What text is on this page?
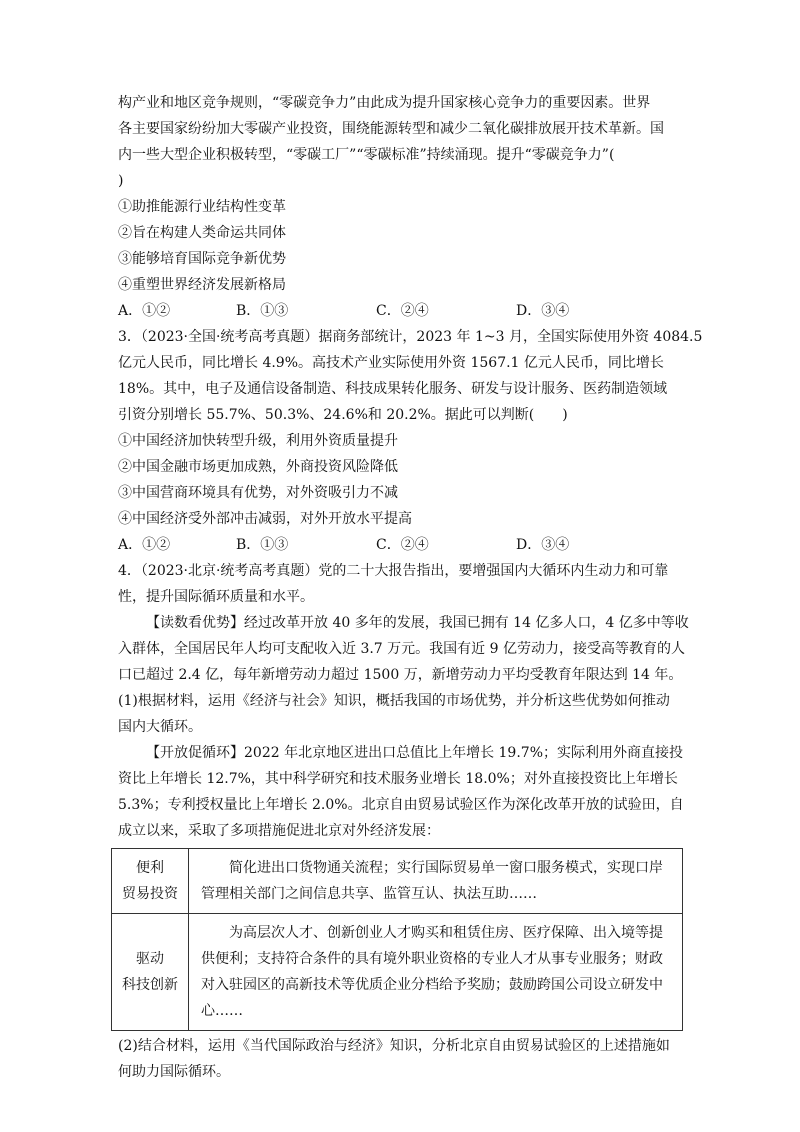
构产业和地区竞争规则，“零碳竞争力”由此成为提升国家核心竞争力的重要因素。世界
各主要国家纷纷加大零碳产业投资，围绕能源转型和减少二氧化碳排放展开技术革新。国
内一些大型企业积极转型，“零碳工厂”“零碳标准”持续涌现。提升“零碳竞争力”(
)
①助推能源行业结构性变革
②旨在构建人类命运共同体
③能够培育国际竞争新优势
④重塑世界经济发展新格局
A．①②	B．①③	C．②④	D．③④
3．（2023·全国·统考高考真题）据商务部统计，2023 年 1~3 月，全国实际使用外资 4084.5
亿元人民币，同比增长 4.9%。高技术产业实际使用外资 1567.1 亿元人民币，同比增长
18%。其中，电子及通信设备制造、科技成果转化服务、研发与设计服务、医药制造领域
引资分别增长 55.7%、50.3%、24.6%和 20.2%。据此可以判断(　　)
①中国经济加快转型升级，利用外资质量提升
②中国金融市场更加成熟，外商投资风险降低
③中国营商环境具有优势，对外资吸引力不减
④中国经济受外部冲击减弱，对外开放水平提高
A．①②	B．①③	C．②④	D．③④
4．（2023·北京·统考高考真题）党的二十大报告指出，要增强国内大循环内生动力和可靠
性，提升国际循环质量和水平。
【读数看优势】经过改革开放 40 多年的发展，我国已拥有 14 亿多人口，4 亿多中等收
入群体，全国居民年人均可支配收入近 3.7 万元。我国有近 9 亿劳动力，接受高等教育的人
口已超过 2.4 亿，每年新增劳动力超过 1500 万，新增劳动力平均受教育年限达到 14 年。
(1)根据材料，运用《经济与社会》知识，概括我国的市场优势，并分析这些优势如何推动
国内大循环。
【开放促循环】2022 年北京地区进出口总值比上年增长 19.7%；实际利用外商直接投
资比上年增长 12.7%，其中科学研究和技术服务业增长 18.0%；对外直接投资比上年增长
5.3%；专利授权量比上年增长 2.0%。北京自由贸易试验区作为深化改革开放的试验田，自
成立以来，采取了多项措施促进北京对外经济发展：
便利
贸易投资	简化进出口货物通关流程；实行国际贸易单一窗口服务模式，实现口岸
管理相关部门之间信息共享、监管互认、执法互助……

驱动
科技创新	为高层次人才、创新创业人才购买和租赁住房、医疗保障、出入境等提
供便利；支持符合条件的具有境外职业资格的专业人才从事专业服务；财政
对入驻园区的高新技术等优质企业分档给予奖励；鼓励跨国公司设立研发中
心……
(2)结合材料，运用《当代国际政治与经济》知识，分析北京自由贸易试验区的上述措施如
何助力国际循环。
